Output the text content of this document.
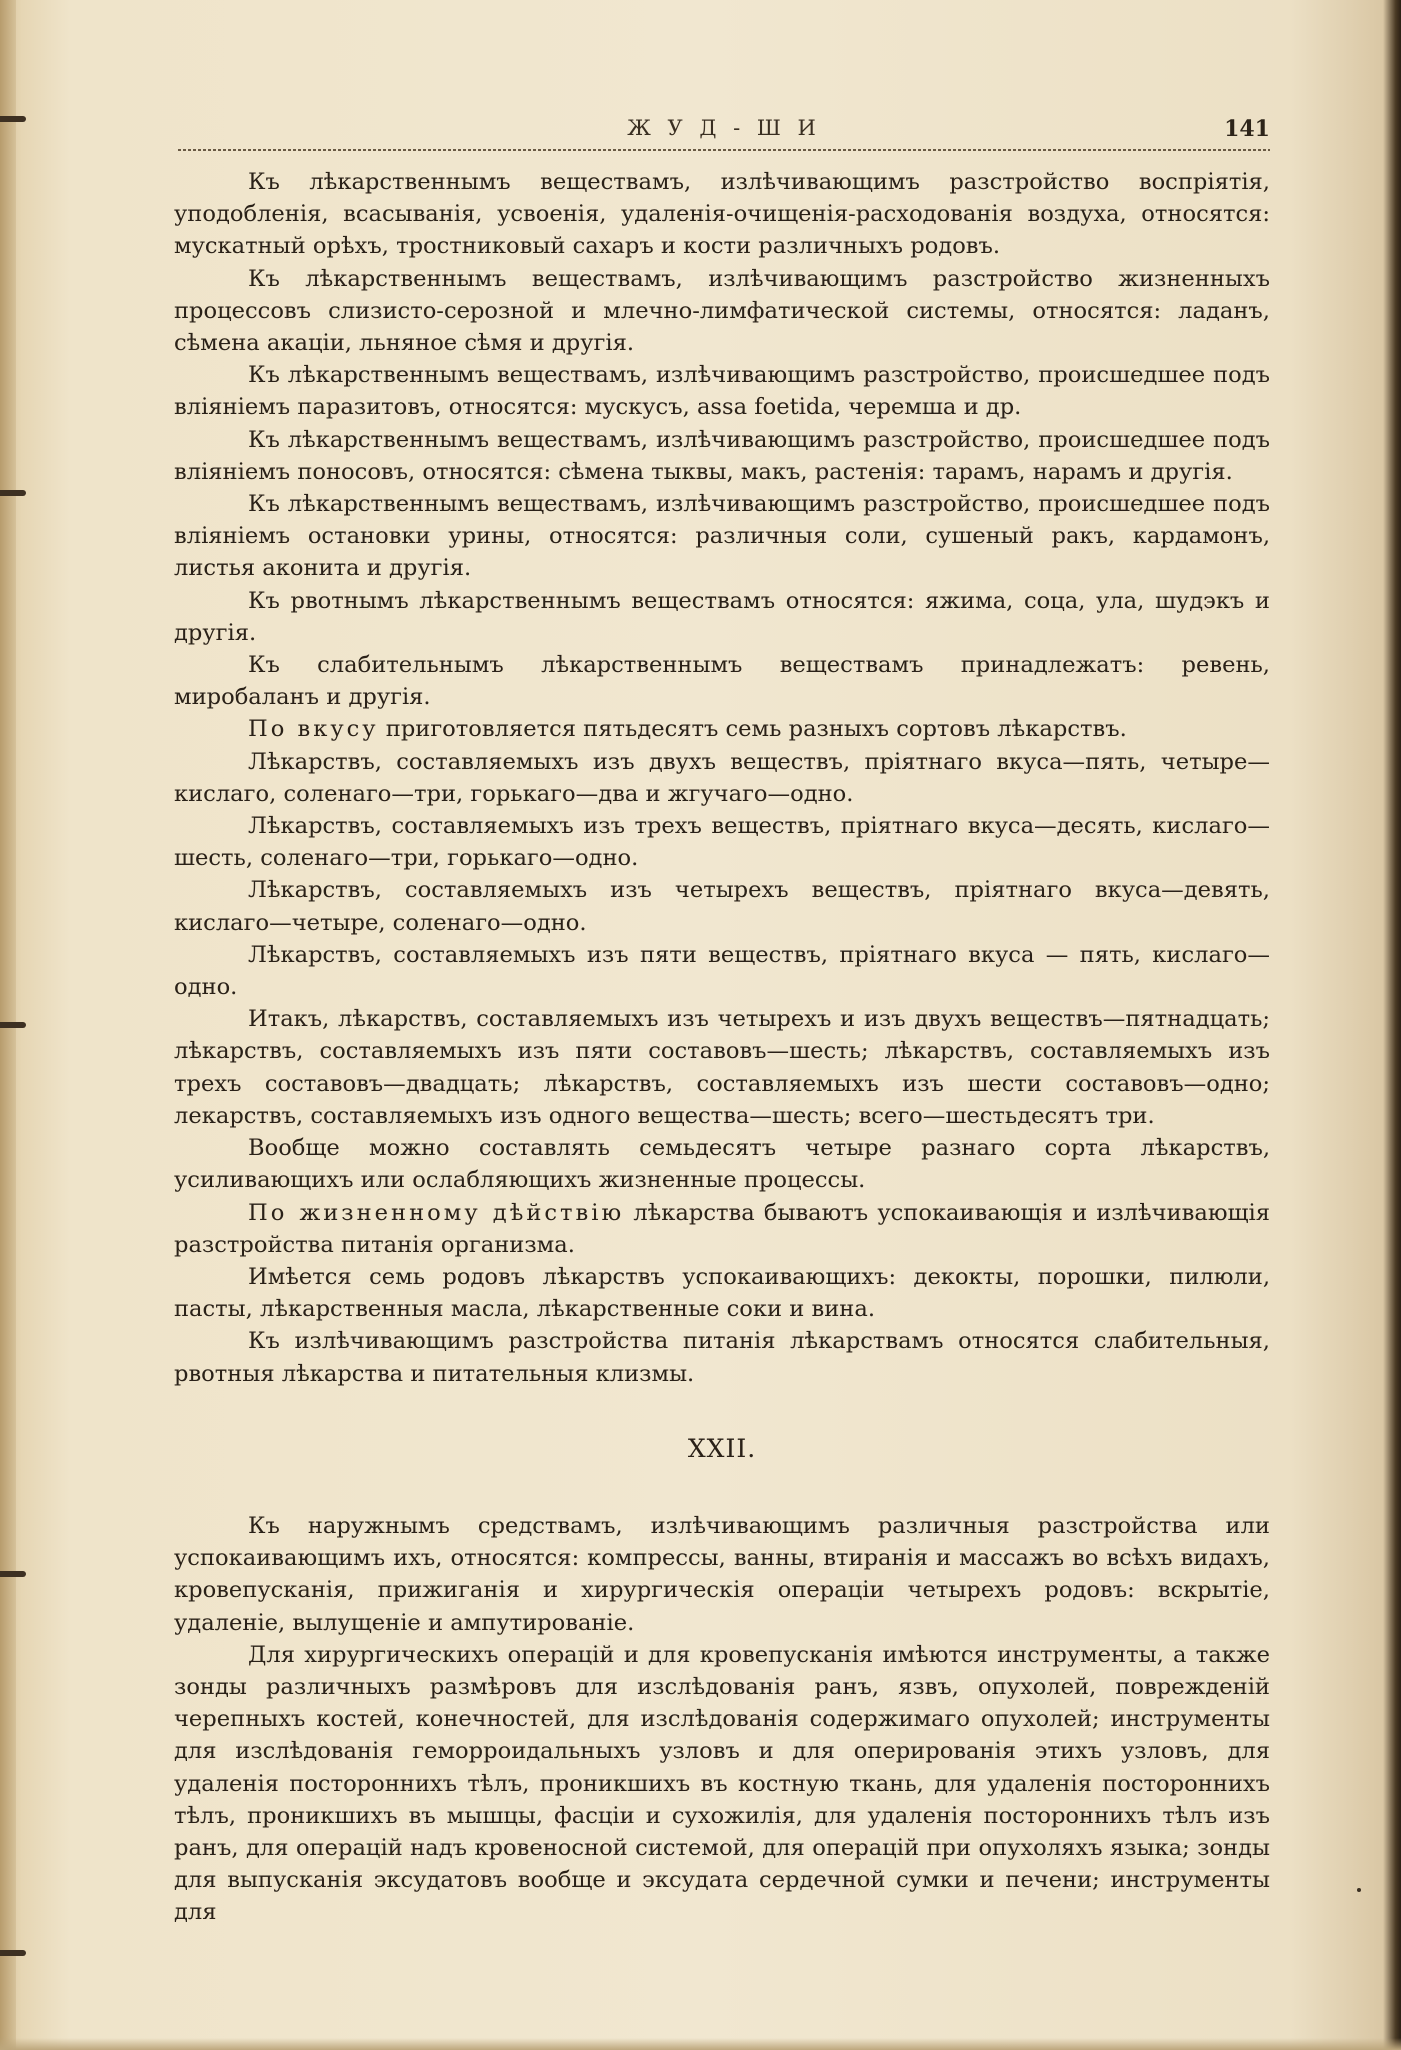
Ж У Д - Ш И	141

Къ лѣкарственнымъ веществамъ, излѣчивающимъ разстройство воспріятія, уподобленія, всасыванія, усвоенія, удаленія-очищенія-расходованія воздуха, относятся: мускатный орѣхъ, тростниковый сахаръ и кости различныхъ родовъ.

Къ лѣкарственнымъ веществамъ, излѣчивающимъ разстройство жизненныхъ процессовъ слизисто-серозной и млечно-лимфатической системы, относятся: ладанъ, сѣмена акаціи, льняное сѣмя и другія.

Къ лѣкарственнымъ веществамъ, излѣчивающимъ разстройство, происшедшее подъ вліяніемъ паразитовъ, относятся: мускусъ, assa foetida, черемша и др.

Къ лѣкарственнымъ веществамъ, излѣчивающимъ разстройство, происшедшее подъ вліяніемъ поносовъ, относятся: сѣмена тыквы, макъ, растенія: тарамъ, нарамъ и другія.

Къ лѣкарственнымъ веществамъ, излѣчивающимъ разстройство, происшедшее подъ вліяніемъ остановки урины, относятся: различныя соли, сушеный ракъ, кардамонъ, листья аконита и другія.

Къ рвотнымъ лѣкарственнымъ веществамъ относятся: яжима, соца, ула, шудэкъ и другія.

Къ слабительнымъ лѣкарственнымъ веществамъ принадлежатъ: ревень, миробаланъ и другія.

По вкусу приготовляется пятьдесятъ семь разныхъ сортовъ лѣкарствъ.

Лѣкарствъ, составляемыхъ изъ двухъ веществъ, пріятнаго вкуса—пять, четыре—кислаго, соленаго—три, горькаго—два и жгучаго—одно.

Лѣкарствъ, составляемыхъ изъ трехъ веществъ, пріятнаго вкуса—десять, кислаго—шесть, соленаго—три, горькаго—одно.

Лѣкарствъ, составляемыхъ изъ четырехъ веществъ, пріятнаго вкуса—девять, кислаго—четыре, соленаго—одно.

Лѣкарствъ, составляемыхъ изъ пяти веществъ, пріятнаго вкуса — пять, кислаго—одно.

Итакъ, лѣкарствъ, составляемыхъ изъ четырехъ и изъ двухъ веществъ—пятнадцать; лѣкарствъ, составляемыхъ изъ пяти составовъ—шесть; лѣкарствъ, составляемыхъ изъ трехъ составовъ—двадцать; лѣкарствъ, составляемыхъ изъ шести составовъ—одно; лекарствъ, составляемыхъ изъ одного вещества—шесть; всего—шестьдесятъ три.

Вообще можно составлять семьдесятъ четыре разнаго сорта лѣкарствъ, усиливающихъ или ослабляющихъ жизненные процессы.

По жизненному дѣйствію лѣкарства бываютъ успокаивающія и излѣчивающія разстройства питанія организма.

Имѣется семь родовъ лѣкарствъ успокаивающихъ: декокты, порошки, пилюли, пасты, лѣкарственныя масла, лѣкарственные соки и вина.

Къ излѣчивающимъ разстройства питанія лѣкарствамъ относятся слабительныя, рвотныя лѣкарства и питательныя клизмы.

XXII.

Къ наружнымъ средствамъ, излѣчивающимъ различныя разстройства или успокаивающимъ ихъ, относятся: компрессы, ванны, втиранія и массажъ во всѣхъ видахъ, кровепусканія, прижиганія и хирургическія операціи четырехъ родовъ: вскрытіе, удаленіе, вылущеніе и ампутированіе.

Для хирургическихъ операцій и для кровепусканія имѣются инструменты, а также зонды различныхъ размѣровъ для изслѣдованія ранъ, язвъ, опухолей, поврежденій черепныхъ костей, конечностей, для изслѣдованія содержимаго опухолей; инструменты для изслѣдованія геморроидальныхъ узловъ и для оперированія этихъ узловъ, для удаленія постороннихъ тѣлъ, проникшихъ въ костную ткань, для удаленія постороннихъ тѣлъ, проникшихъ въ мышцы, фасціи и сухожилія, для удаленія постороннихъ тѣлъ изъ ранъ, для операцій надъ кровеносной системой, для операцій при опухоляхъ языка; зонды для выпусканія эксудатовъ вообще и эксудата сердечной сумки и печени; инструменты для
